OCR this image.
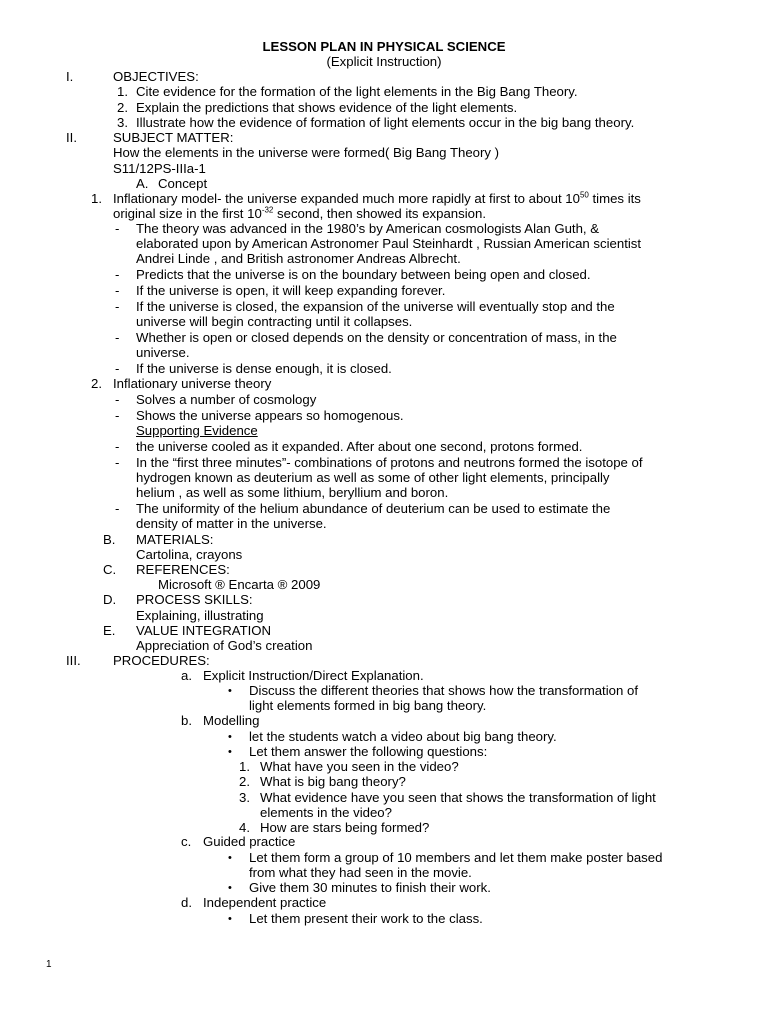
LESSON PLAN IN PHYSICAL SCIENCE
(Explicit Instruction)
I.	OBJECTIVES:
1. Cite evidence for the formation of the light elements in the Big Bang Theory.
2. Explain the predictions that shows evidence of the light elements.
3. Illustrate how the evidence of formation of light elements occur in the big bang theory.
II.	SUBJECT MATTER:
How the elements in the universe were formed( Big Bang Theory )
S11/12PS-IIIa-1
A. Concept
1. Inflationary model- the universe expanded much more rapidly at first to about $10^{50}$ times its
original size in the first $10^{-32}$ second, then showed its expansion.
- The theory was advanced in the 1980’s by American cosmologists Alan Guth, &
elaborated upon by American Astronomer Paul Steinhardt , Russian American scientist
Andrei Linde , and British astronomer Andreas Albrecht.
- Predicts that the universe is on the boundary between being open and closed.
- If the universe is open, it will keep expanding forever.
- If the universe is closed, the expansion of the universe will eventually stop and the
universe will begin contracting until it collapses.
- Whether is open or closed depends on the density or concentration of mass, in the
universe.
- If the universe is dense enough, it is closed.
2. Inflationary universe theory
- Solves a number of cosmology
- Shows the universe appears so homogenous.
Supporting Evidence
- the universe cooled as it expanded. After about one second, protons formed.
- In the “first three minutes”- combinations of protons and neutrons formed the isotope of
hydrogen known as deuterium as well as some of other light elements, principally
helium , as well as some lithium, beryllium and boron.
- The uniformity of the helium abundance of deuterium can be used to estimate the
density of matter in the universe.
B. MATERIALS:
Cartolina, crayons
C. REFERENCES:
Microsoft ® Encarta ® 2009
D. PROCESS SKILLS:
Explaining, illustrating
E. VALUE INTEGRATION
Appreciation of God’s creation
III. PROCEDURES:
a. Explicit Instruction/Direct Explanation.
• Discuss the different theories that shows how the transformation of
light elements formed in big bang theory.
b. Modelling
• let the students watch a video about big bang theory.
• Let them answer the following questions:
1. What have you seen in the video?
2. What is big bang theory?
3. What evidence have you seen that shows the transformation of light
elements in the video?
4. How are stars being formed?
c. Guided practice
• Let them form a group of 10 members and let them make poster based
from what they had seen in the movie.
• Give them 30 minutes to finish their work.
d. Independent practice
• Let them present their work to the class.
1
